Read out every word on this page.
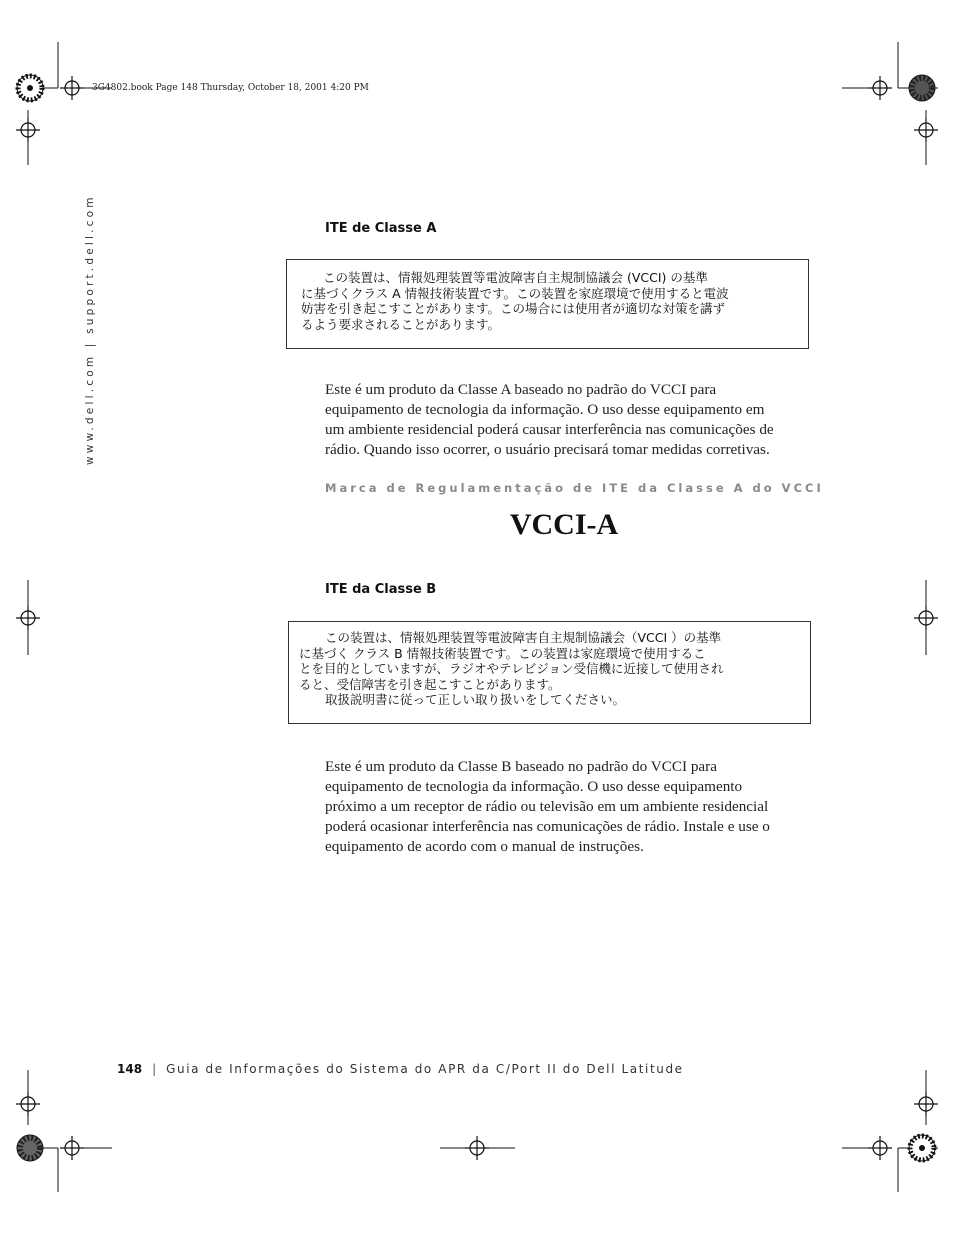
3G4802.book Page 148 Thursday, October 18, 2001 4:20 PM
www.dell.com | support.dell.com	ITE de Classe A

この装置は、情報処理装置等電波障害自主規制協議会 (VCCI) の基準

に基づくクラス A 情報技術装置です。この装置を家庭環境で使用すると電波

妨害を引き起こすことがあります。この場合には使用者が適切な対策を講ず

るよう要求されることがあります。

Este é um produto da Classe A baseado no padrão do VCCI para

equipamento de tecnologia da informação. O uso desse equipamento em

um ambiente residencial poderá causar interferência nas comunicações de

rádio. Quando isso ocorrer, o usuário precisará tomar medidas corretivas.

Marca de Regulamentação de ITE da Classe A do VCCI
VCCI-A
ITE da Classe B

この装置は、情報処理装置等電波障害自主規制協議会（VCCI ）の基準

に基づく クラス B 情報技術装置です。この装置は家庭環境で使用するこ

とを目的としていますが、ラジオやテレビジョン受信機に近接して使用され

ると、受信障害を引き起こすことがあります。

取扱説明書に従って正しい取り扱いをしてください。

Este é um produto da Classe B baseado no padrão do VCCI para

equipamento de tecnologia da informação. O uso desse equipamento

próximo a um receptor de rádio ou televisão em um ambiente residencial

poderá ocasionar interferência nas comunicações de rádio. Instale e use o

equipamento de acordo com o manual de instruções.

148 | Guia de Informações do Sistema do APR da C/Port II do Dell Latitude
